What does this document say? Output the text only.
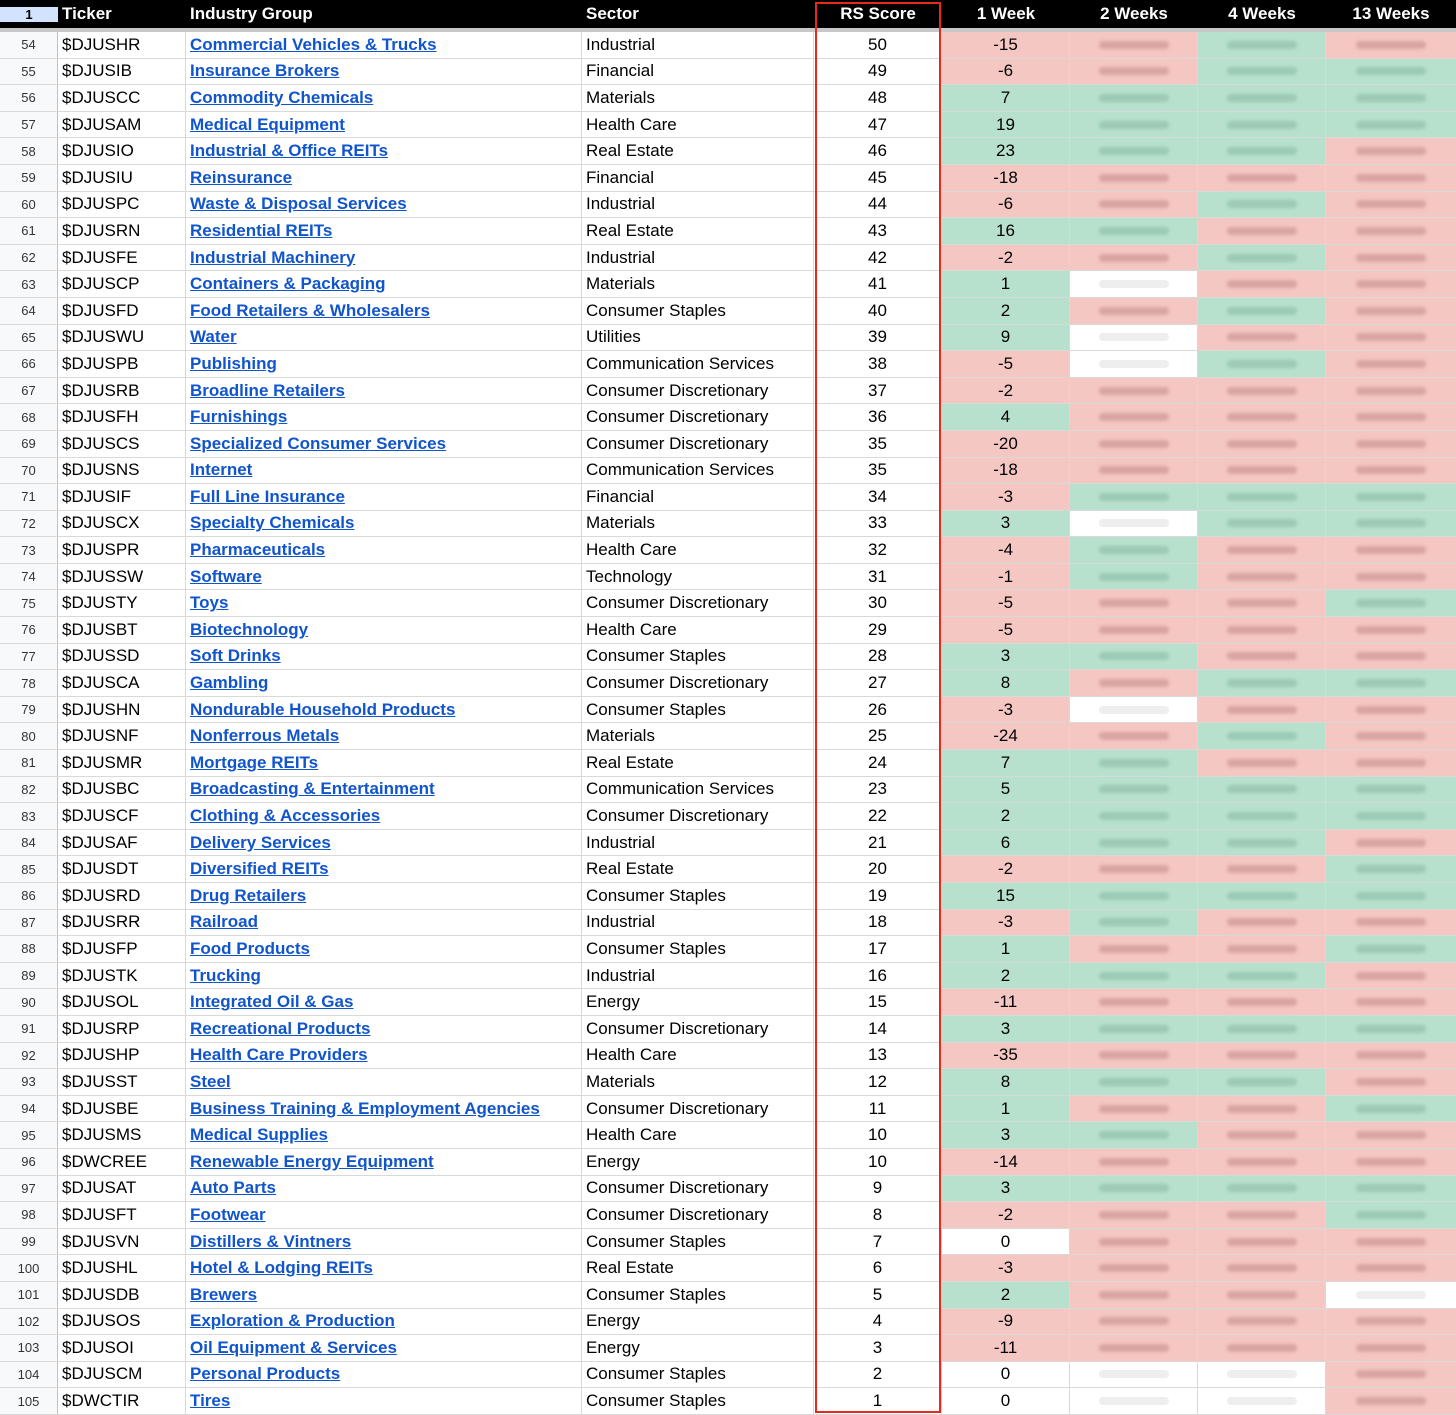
1	Ticker	Industry Group	Sector	RS Score	1 Week	2 Weeks	4 Weeks	13 Weeks
54	$DJUSHR	Commercial Vehicles & Trucks	Industrial	50	-15
55	$DJUSIB	Insurance Brokers	Financial	49	-6
56	$DJUSCC	Commodity Chemicals	Materials	48	7
57	$DJUSAM	Medical Equipment	Health Care	47	19
58	$DJUSIO	Industrial & Office REITs	Real Estate	46	23
59	$DJUSIU	Reinsurance	Financial	45	-18
60	$DJUSPC	Waste & Disposal Services	Industrial	44	-6
61	$DJUSRN	Residential REITs	Real Estate	43	16
62	$DJUSFE	Industrial Machinery	Industrial	42	-2
63	$DJUSCP	Containers & Packaging	Materials	41	1
64	$DJUSFD	Food Retailers & Wholesalers	Consumer Staples	40	2
65	$DJUSWU	Water	Utilities	39	9
66	$DJUSPB	Publishing	Communication Services	38	-5
67	$DJUSRB	Broadline Retailers	Consumer Discretionary	37	-2
68	$DJUSFH	Furnishings	Consumer Discretionary	36	4
69	$DJUSCS	Specialized Consumer Services	Consumer Discretionary	35	-20
70	$DJUSNS	Internet	Communication Services	35	-18
71	$DJUSIF	Full Line Insurance	Financial	34	-3
72	$DJUSCX	Specialty Chemicals	Materials	33	3
73	$DJUSPR	Pharmaceuticals	Health Care	32	-4
74	$DJUSSW	Software	Technology	31	-1
75	$DJUSTY	Toys	Consumer Discretionary	30	-5
76	$DJUSBT	Biotechnology	Health Care	29	-5
77	$DJUSSD	Soft Drinks	Consumer Staples	28	3
78	$DJUSCA	Gambling	Consumer Discretionary	27	8
79	$DJUSHN	Nondurable Household Products	Consumer Staples	26	-3
80	$DJUSNF	Nonferrous Metals	Materials	25	-24
81	$DJUSMR	Mortgage REITs	Real Estate	24	7
82	$DJUSBC	Broadcasting & Entertainment	Communication Services	23	5
83	$DJUSCF	Clothing & Accessories	Consumer Discretionary	22	2
84	$DJUSAF	Delivery Services	Industrial	21	6
85	$DJUSDT	Diversified REITs	Real Estate	20	-2
86	$DJUSRD	Drug Retailers	Consumer Staples	19	15
87	$DJUSRR	Railroad	Industrial	18	-3
88	$DJUSFP	Food Products	Consumer Staples	17	1
89	$DJUSTK	Trucking	Industrial	16	2
90	$DJUSOL	Integrated Oil & Gas	Energy	15	-11
91	$DJUSRP	Recreational Products	Consumer Discretionary	14	3
92	$DJUSHP	Health Care Providers	Health Care	13	-35
93	$DJUSST	Steel	Materials	12	8
94	$DJUSBE	Business Training & Employment Agencies	Consumer Discretionary	11	1
95	$DJUSMS	Medical Supplies	Health Care	10	3
96	$DWCREE	Renewable Energy Equipment	Energy	10	-14
97	$DJUSAT	Auto Parts	Consumer Discretionary	9	3
98	$DJUSFT	Footwear	Consumer Discretionary	8	-2
99	$DJUSVN	Distillers & Vintners	Consumer Staples	7	0
100	$DJUSHL	Hotel & Lodging REITs	Real Estate	6	-3
101	$DJUSDB	Brewers	Consumer Staples	5	2
102	$DJUSOS	Exploration & Production	Energy	4	-9
103	$DJUSOI	Oil Equipment & Services	Energy	3	-11
104	$DJUSCM	Personal Products	Consumer Staples	2	0
105	$DWCTIR	Tires	Consumer Staples	1	0
